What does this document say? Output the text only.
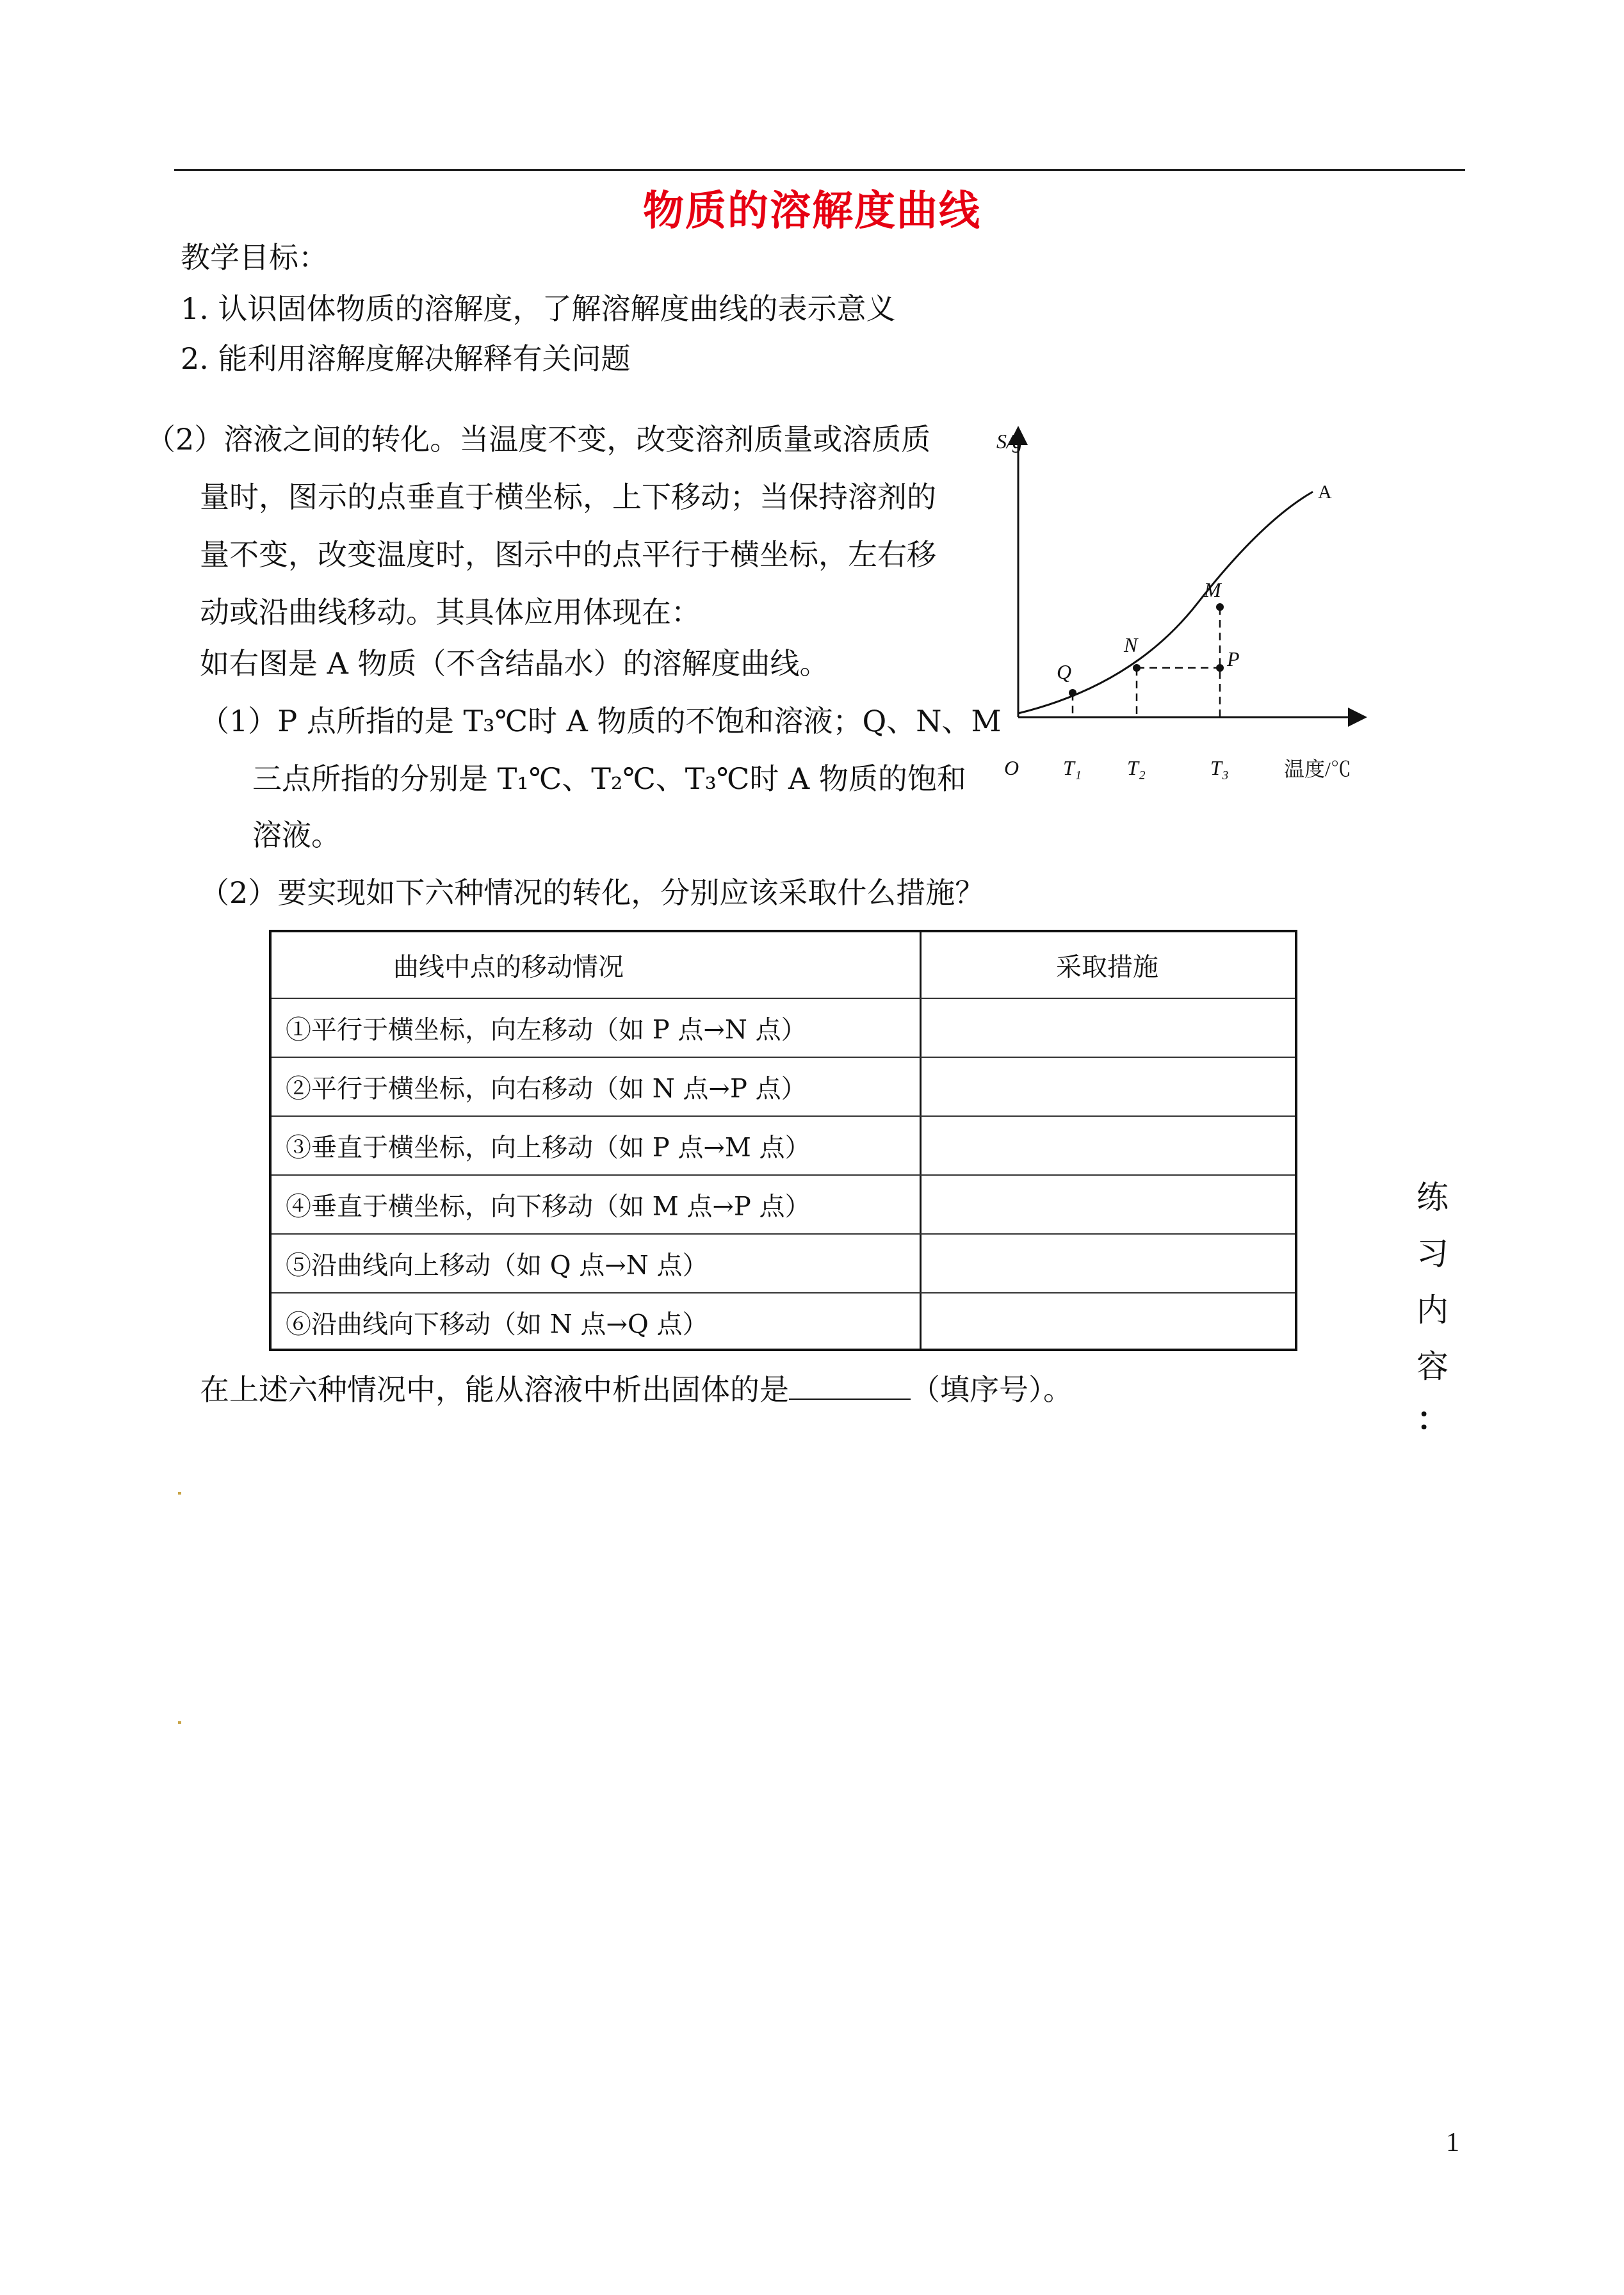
物质的溶解度曲线
教学目标：
1. 认识固体物质的溶解度，了解溶解度曲线的表示意义
2. 能利用溶解度解决解释有关问题
（2）溶液之间的转化。当温度不变，改变溶剂质量或溶质质
量时，图示的点垂直于横坐标，上下移动；当保持溶剂的
量不变，改变温度时，图示中的点平行于横坐标，左右移
动或沿曲线移动。其具体应用体现在：
如右图是 A 物质（不含结晶水）的溶解度曲线。
（1）P 点所指的是 T₃℃时 A 物质的不饱和溶液；Q、N、M
三点所指的分别是 T₁℃、T₂℃、T₃℃时 A 物质的饱和
溶液。
（2）要实现如下六种情况的转化，分别应该采取什么措施？
S/g
温度/℃
O
A
Q
N
M
P
T₁ T₂	T₃
曲线中点的移动情况	采取措施
①平行于横坐标，向左移动（如 P 点→N 点）
②平行于横坐标，向右移动（如 N 点→P 点）
③垂直于横坐标，向上移动（如 P 点→M 点）
④垂直于横坐标，向下移动（如 M 点→P 点）
⑤沿曲线向上移动（如 Q 点→N 点）
⑥沿曲线向下移动（如 N 点→Q 点）
在上述六种情况中，能从溶液中析出固体的是	（填序号）。
练
习
内
容
：
1
